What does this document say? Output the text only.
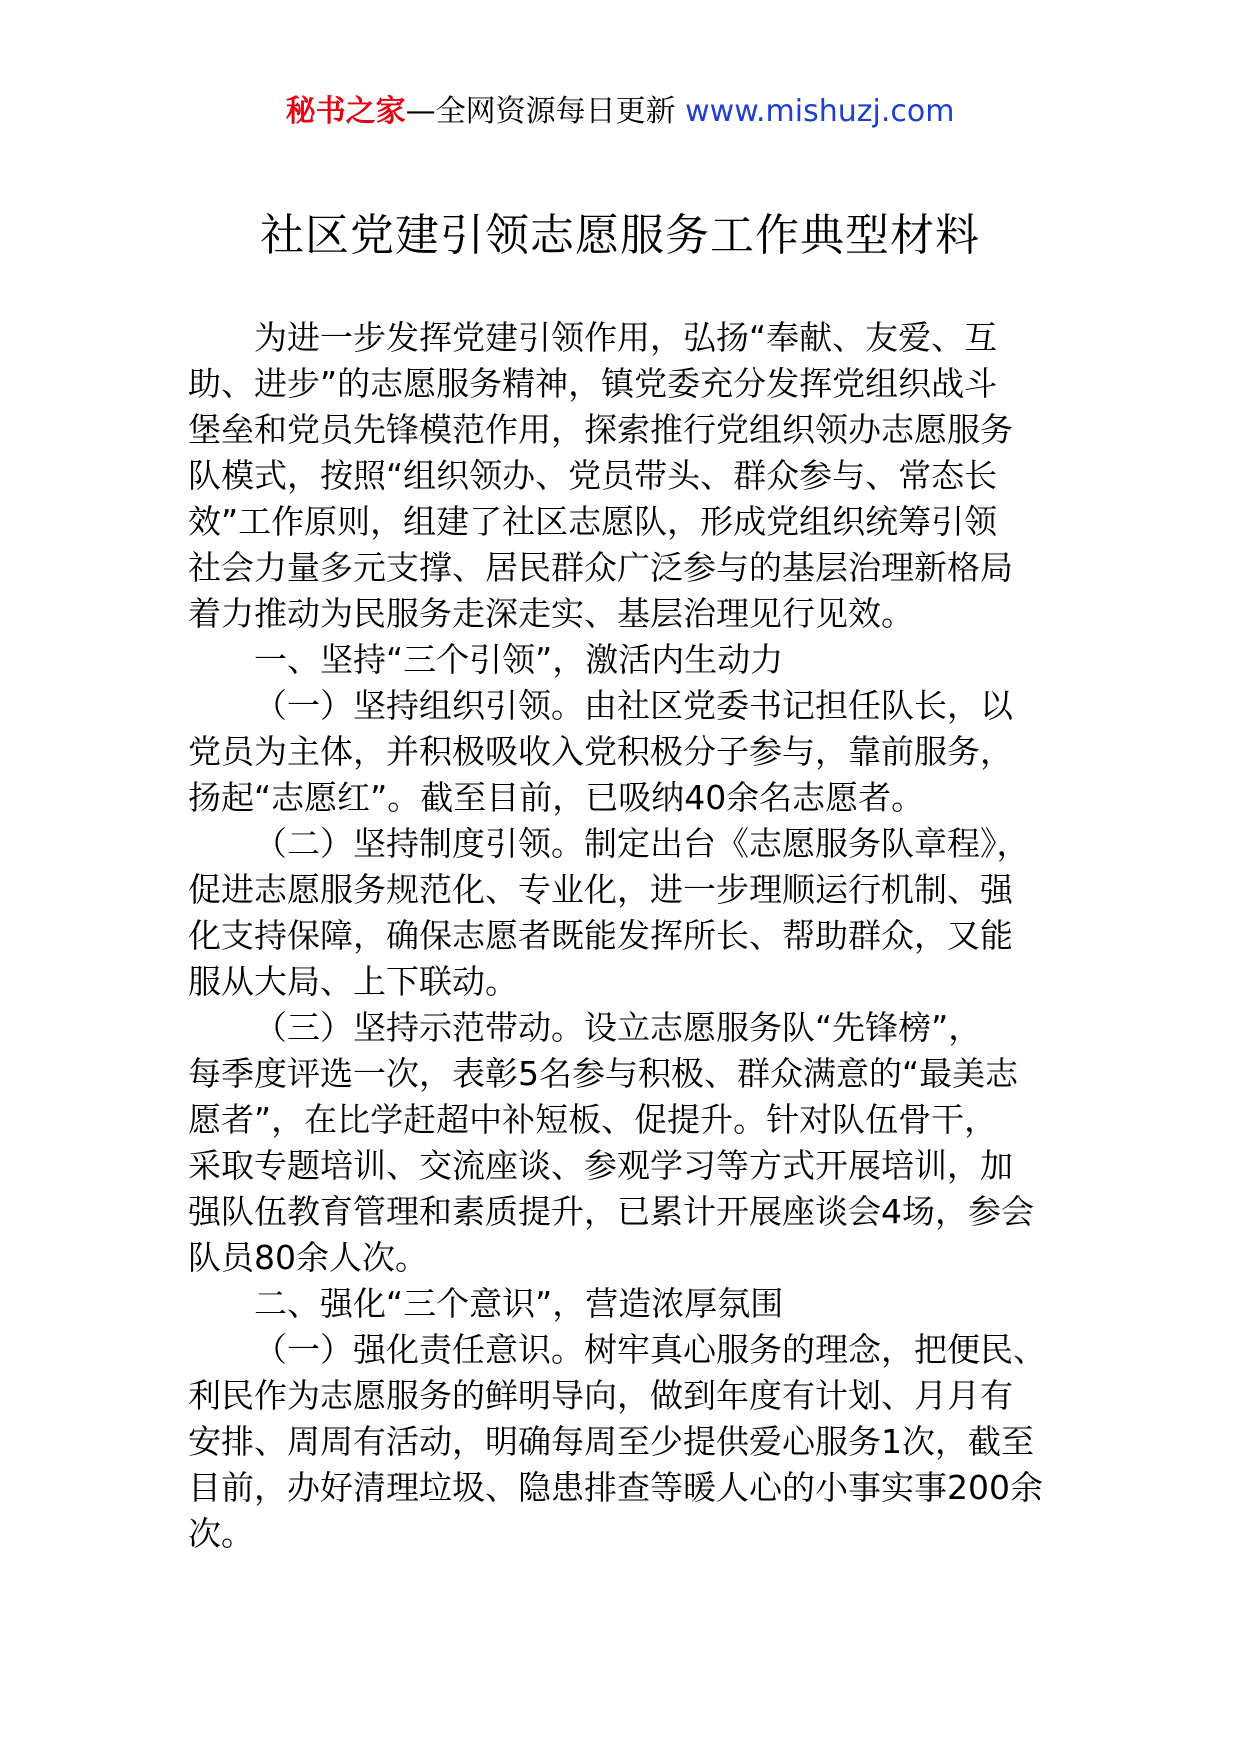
秘书之家—全网资源每日更新 www.mishuzj.com
社区党建引领志愿服务工作典型材料
为进一步发挥党建引领作用，弘扬“奉献、友爱、互
助、进步”的志愿服务精神，镇党委充分发挥党组织战斗
堡垒和党员先锋模范作用，探索推行党组织领办志愿服务
队模式，按照“组织领办、党员带头、群众参与、常态长
效”工作原则，组建了社区志愿队，形成党组织统筹引领
社会力量多元支撑、居民群众广泛参与的基层治理新格局
着力推动为民服务走深走实、基层治理见行见效。
一、坚持“三个引领”，激活内生动力
（一）坚持组织引领。由社区党委书记担任队长，以
党员为主体，并积极吸收入党积极分子参与，靠前服务，
扬起“志愿红”。截至目前，已吸纳40余名志愿者。
（二）坚持制度引领。制定出台《志愿服务队章程》，
促进志愿服务规范化、专业化，进一步理顺运行机制、强
化支持保障，确保志愿者既能发挥所长、帮助群众，又能
服从大局、上下联动。
（三）坚持示范带动。设立志愿服务队“先锋榜”，
每季度评选一次，表彰5名参与积极、群众满意的“最美志
愿者”，在比学赶超中补短板、促提升。针对队伍骨干，
采取专题培训、交流座谈、参观学习等方式开展培训，加
强队伍教育管理和素质提升，已累计开展座谈会4场，参会
队员80余人次。
二、强化“三个意识”，营造浓厚氛围
（一）强化责任意识。树牢真心服务的理念，把便民、
利民作为志愿服务的鲜明导向，做到年度有计划、月月有
安排、周周有活动，明确每周至少提供爱心服务1次，截至
目前，办好清理垃圾、隐患排查等暖人心的小事实事200余
次。
